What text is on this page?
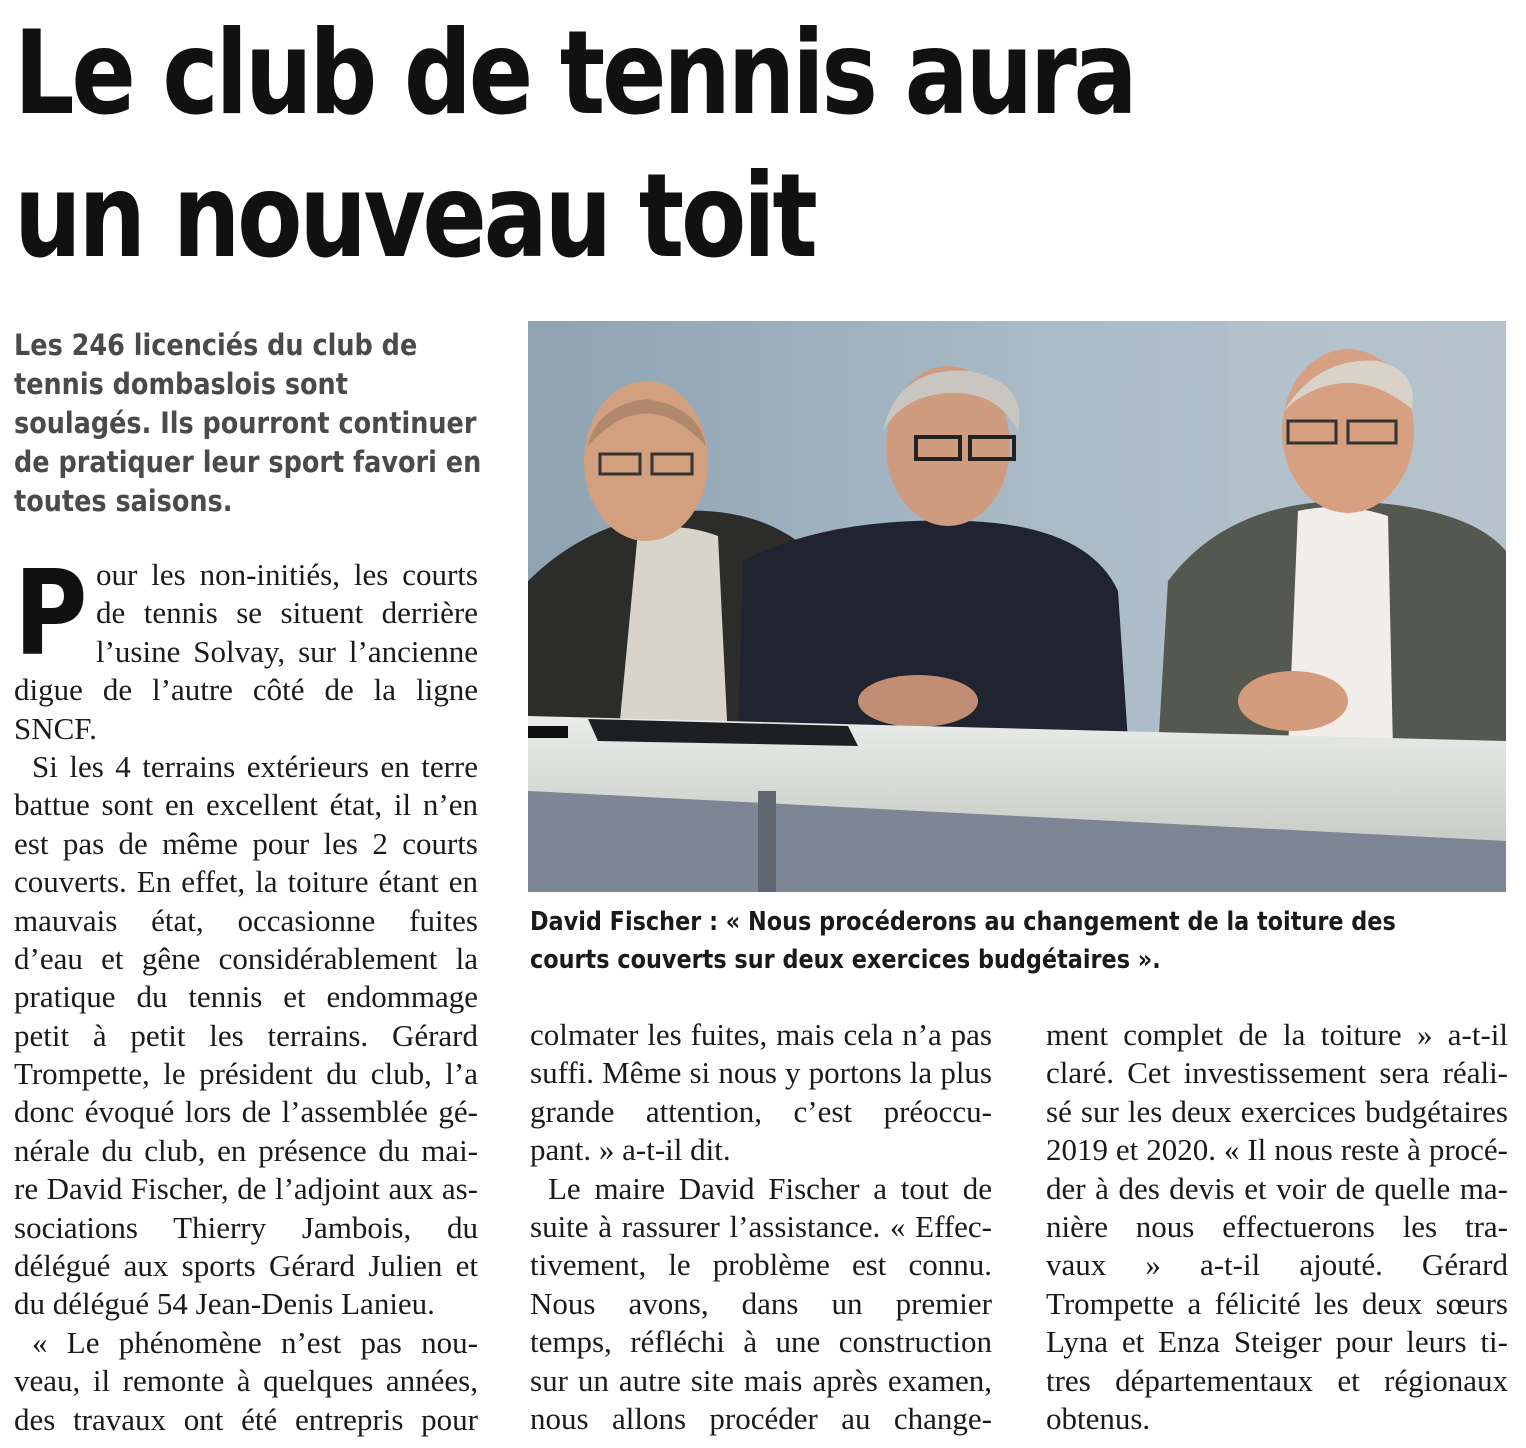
Le club de tennis aura
un nouveau toit
Les 246 licenciés du club de
tennis dombaslois sont
soulagés. Ils pourront continuer
de pratiquer leur sport favori en
toutes saisons.
David Fischer : « Nous procéderons au changement de la toiture des
courts couverts sur deux exercices budgétaires ».
P our les non-initiés, les courts
de tennis se situent derrière
l’usine Solvay, sur l’ancienne
digue de l’autre côté de la ligne
SNCF.
Si les 4 terrains extérieurs en terre
battue sont en excellent état, il n’en
est pas de même pour les 2 courts
couverts. En effet, la toiture étant en
mauvais état, occasionne fuites
d’eau et gêne considérablement la
pratique du tennis et endommage
petit à petit les terrains. Gérard
Trompette, le président du club, l’a
donc évoqué lors de l’assemblée gé-
nérale du club, en présence du mai-
re David Fischer, de l’adjoint aux as-
sociations Thierry Jambois, du
délégué aux sports Gérard Julien et
du délégué 54 Jean-Denis Lanieu.
« Le phénomène n’est pas nou-
veau, il remonte à quelques années,
des travaux ont été entrepris pour
colmater les fuites, mais cela n’a pas
suffi. Même si nous y portons la plus
grande attention, c’est préoccu-
pant. » a-t-il dit.
Le maire David Fischer a tout de
suite à rassurer l’assistance. « Effec-
tivement, le problème est connu.
Nous avons, dans un premier
temps, réfléchi à une construction
sur un autre site mais après examen,
nous allons procéder au change-
ment complet de la toiture » a-t-il
claré. Cet investissement sera réali-
sé sur les deux exercices budgétaires
2019 et 2020. « Il nous reste à procé-
der à des devis et voir de quelle ma-
nière nous effectuerons les tra-
vaux » a-t-il ajouté. Gérard
Trompette a félicité les deux sœurs
Lyna et Enza Steiger pour leurs ti-
tres départementaux et régionaux
obtenus.
